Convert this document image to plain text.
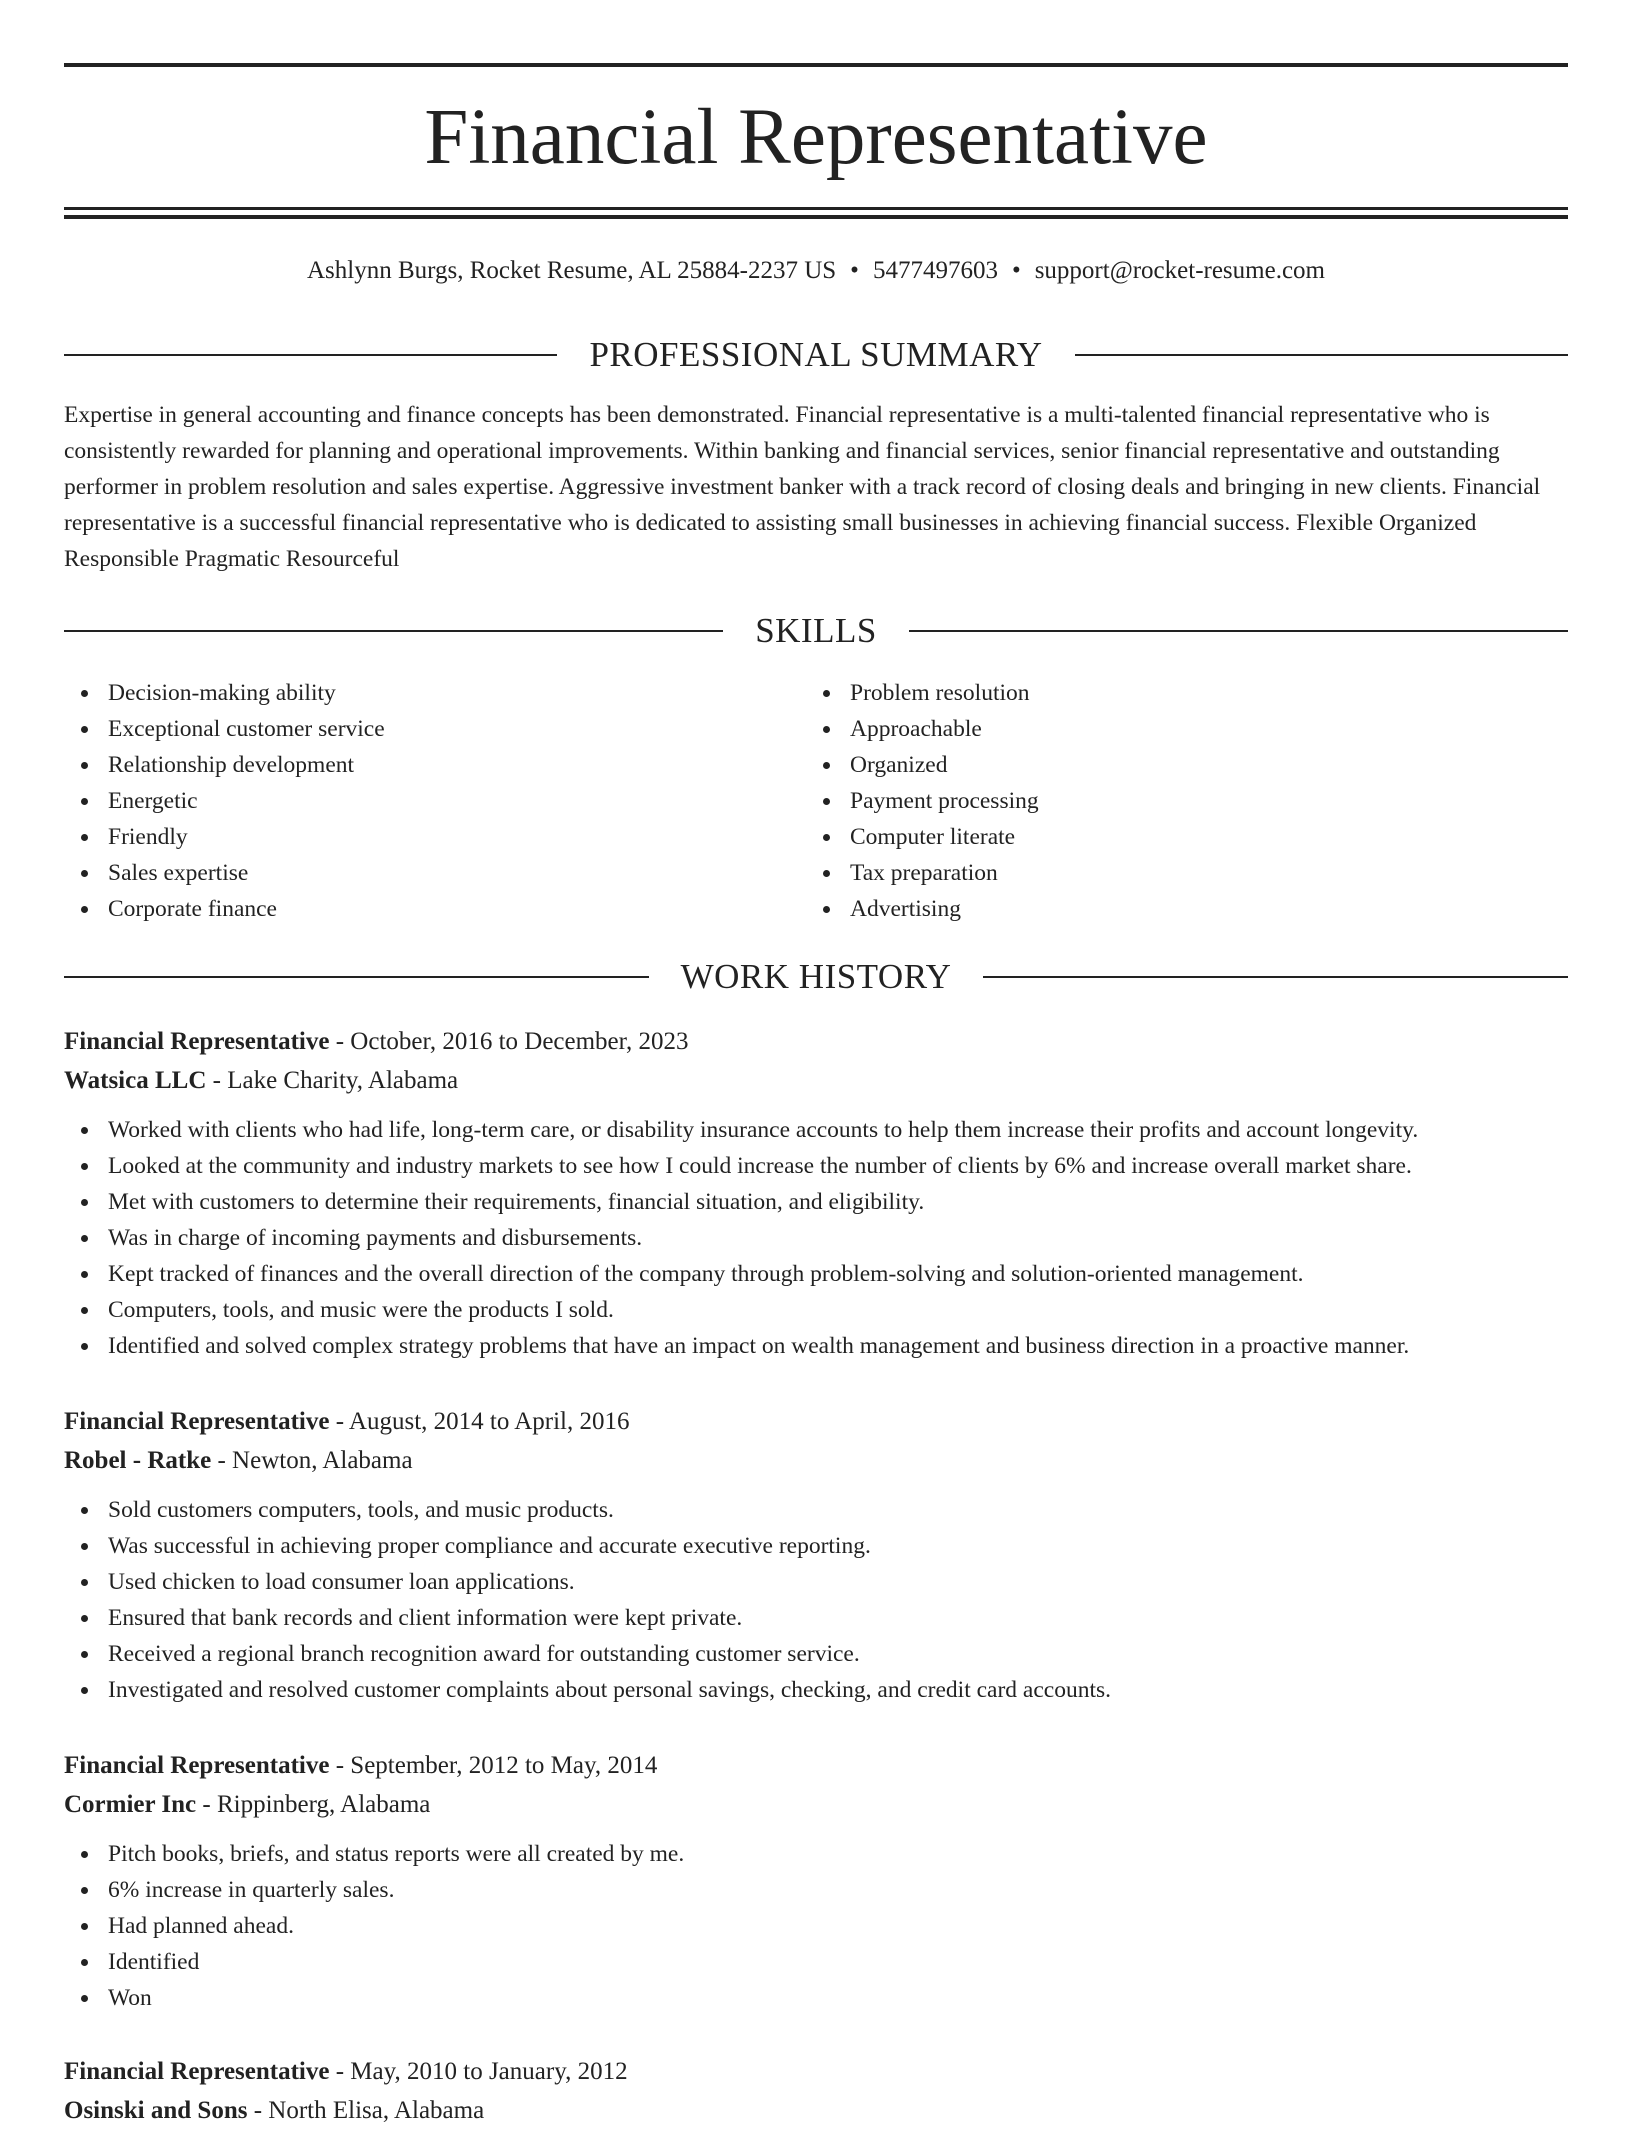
Financial Representative
Ashlynn Burgs, Rocket Resume, AL 25884-2237 US • 5477497603 • support@rocket-resume.com
PROFESSIONAL SUMMARY

Expertise in general accounting and finance concepts has been demonstrated. Financial representative is a multi-talented financial representative who is consistently rewarded for planning and operational improvements. Within banking and financial services, senior financial representative and outstanding performer in problem resolution and sales expertise. Aggressive investment banker with a track record of closing deals and bringing in new clients. Financial representative is a successful financial representative who is dedicated to assisting small businesses in achieving financial success. Flexible Organized Responsible Pragmatic Resourceful

SKILLS
Decision-making ability
Exceptional customer service
Relationship development
Energetic
Friendly
Sales expertise
Corporate finance
Problem resolution
Approachable
Organized
Payment processing
Computer literate
Tax preparation
Advertising
WORK HISTORY
Financial Representative - October, 2016 to December, 2023
Watsica LLC - Lake Charity, Alabama
Worked with clients who had life, long-term care, or disability insurance accounts to help them increase their profits and account longevity.
Looked at the community and industry markets to see how I could increase the number of clients by 6% and increase overall market share.
Met with customers to determine their requirements, financial situation, and eligibility.
Was in charge of incoming payments and disbursements.
Kept tracked of finances and the overall direction of the company through problem-solving and solution-oriented management.
Computers, tools, and music were the products I sold.
Identified and solved complex strategy problems that have an impact on wealth management and business direction in a proactive manner.
Financial Representative - August, 2014 to April, 2016
Robel - Ratke - Newton, Alabama
Sold customers computers, tools, and music products.
Was successful in achieving proper compliance and accurate executive reporting.
Used chicken to load consumer loan applications.
Ensured that bank records and client information were kept private.
Received a regional branch recognition award for outstanding customer service.
Investigated and resolved customer complaints about personal savings, checking, and credit card accounts.
Financial Representative - September, 2012 to May, 2014
Cormier Inc - Rippinberg, Alabama
Pitch books, briefs, and status reports were all created by me.
6% increase in quarterly sales.
Had planned ahead.
Identified
Won
Financial Representative - May, 2010 to January, 2012
Osinski and Sons - North Elisa, Alabama
